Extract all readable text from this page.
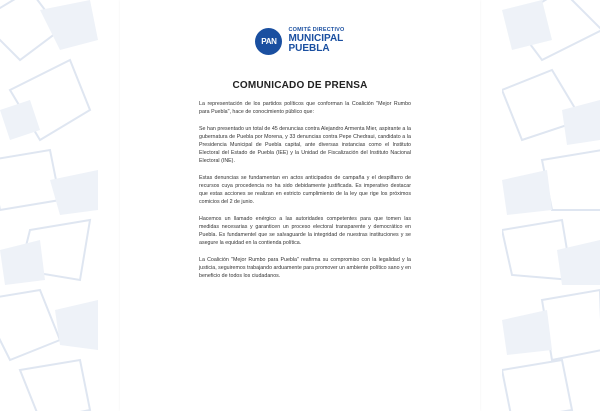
PAN
COMITÉ DIRECTIVO
MUNICIPAL
PUEBLA
COMUNICADO DE PRENSA

La representación de los partidos políticos que conforman la Coalición "Mejor Rumbo para Puebla", hace de conocimiento público que:

Se han presentado un total de 45 denuncias contra Alejandro Armenta Mier, aspirante a la gubernatura de Puebla por Morena, y 33 denuncias contra Pepe Chedraui, candidato a la Presidencia Municipal de Puebla capital, ante diversas instancias como el Instituto Electoral del Estado de Puebla (IEE) y la Unidad de Fiscalización del Instituto Nacional Electoral (INE).

Estas denuncias se fundamentan en actos anticipados de campaña y el despilfarro de recursos cuya procedencia no ha sido debidamente justificada. Es imperativo destacar que estas acciones se realizan en estricto cumplimiento de la ley que rige los próximos comicios del 2 de junio.

Hacemos un llamado enérgico a las autoridades competentes para que tomen las medidas necesarias y garanticen un proceso electoral transparente y democrático en Puebla. Es fundamentel que se salvaguarde la integridad de nuestras instituciones y se asegure la equidad en la contienda política.

La Coalición "Mejor Rumbo para Puebla" reafirma su compromiso con la legalidad y la justicia, seguiremos trabajando arduamente para promover un ambiente político sano y en beneficio de todos los ciudadanos.
